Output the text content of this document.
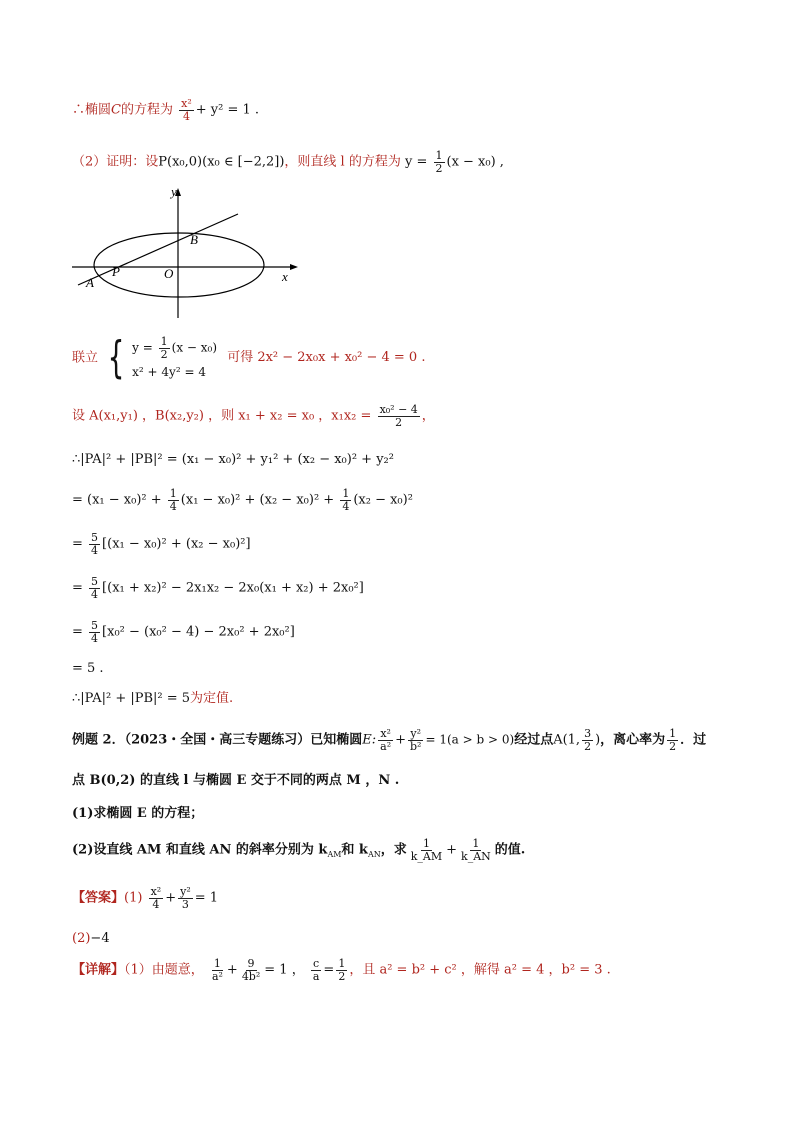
∴椭圆C的方程为 $\frac{\text{x²}}{4} + y^2 = 1$ .
（2）证明：设P(x₀,0)(x₀ ∈ [−2,2])，则直线 l 的方程为 $y = \frac{1}{2} (x - x_0)$ ,
y
x
O
A
B
P
联立 { $y = \frac{1}{2} (x - x_0)$
x² + 4y² = 4
可得 2x² − 2x₀x + x₀² − 4 = 0 .
设 A(x₁,y₁) ，B(x₂,y₂) ，则 x₁ + x₂ = x₀ ，$x_1x_2 = \frac{\text{x₀² − 4}}{2}$ ，
∴|PA|² + |PB|² = (x₁ − x₀)² + y₁² + (x₂ − x₀)² + y₂²
= $(x_1 - x_0)^2 + \frac{1}{4} (x_1 - x_0)^2 + (x_2 - x_0)^2 + \frac{1}{4} (x_2 - x_0)^2$
= $\frac{5}{4} [(x_1 - x_0)^2 + (x_2 - x_0)^2]$
= $\frac{5}{4} [(x_1 + x_2)^2 - 2x_1x_2 - 2x_0(x_1 + x_2) + 2x_0^2]$
= $\frac{5}{4} [x_0^2 - (x_0^2 - 4) - 2x_0^2 + 2x_0^2]$
= 5 .
∴|PA|² + |PB|² = 5为定值.
例题 2．（2023・全国・高三专题练习）已知椭圆E: $\frac{\text{x²}}{\text{a²}} + \frac{\text{y²}}{\text{b²}} = 1(a > b > 0)$经过点A(1, $\frac{3}{2}$ )，离心率为 $\frac{1}{2}$ ．过
点 B(0,2) 的直线 l 与椭圆 E 交于不同的两点 M ，N .
(1)求椭圆 E 的方程；
(2)设直线 AM 和直线 AN 的斜率分别为 $k_{AM}$和 $k_{AN}$，求 $\frac{1}{k\_AM} + \frac{1}{k\_AN}$ 的值.
【答案】$(1) \frac{\text{x²}}{4} + \frac{\text{y²}}{3} = 1$
(2)−4
【详解】（1）由题意， $\frac{1}{\text{a²}} + \frac{9}{\text{4b²}} = 1$ ， $\frac{c}{a} = \frac{1}{2}$ ，且 a² = b² + c² ，解得 a² = 4 ，b² = 3 .
